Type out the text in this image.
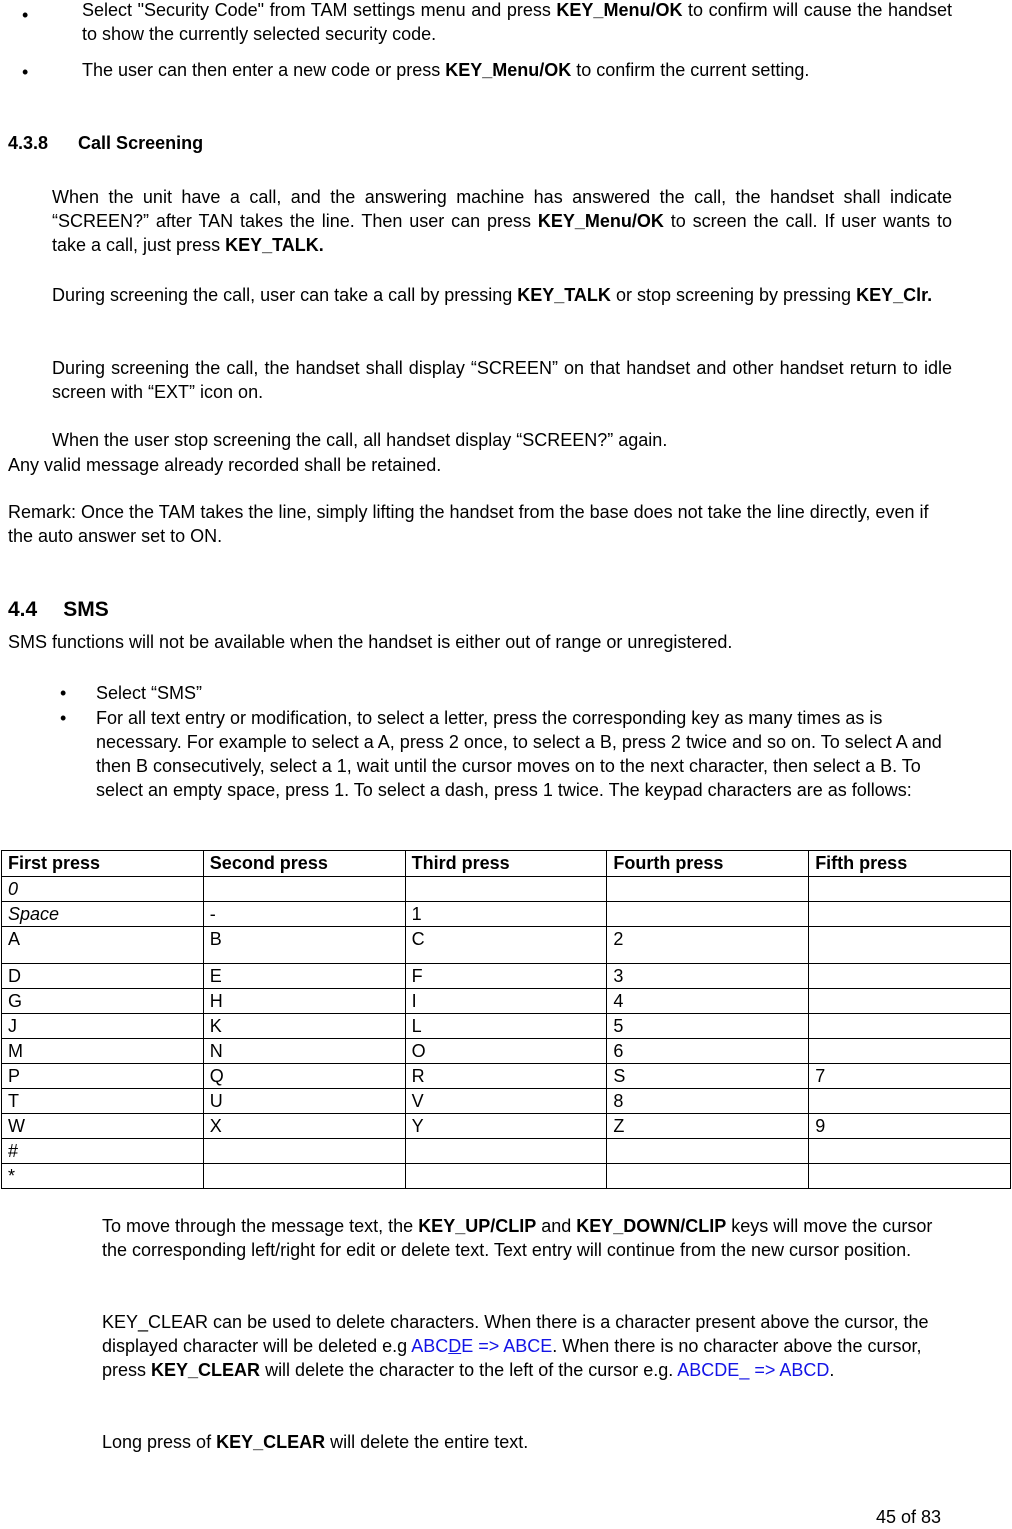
•	Select "Security Code" from TAM settings menu and press KEY_Menu/OK to confirm will cause the handset to show the currently selected security code.
•	The user can then enter a new code or press KEY_Menu/OK to confirm the current setting.
4.3.8 Call Screening
When the unit have a call, and the answering machine has answered the call, the handset shall indicate “SCREEN?” after TAN takes the line. Then user can press KEY_Menu/OK to screen the call. If user wants to take a call, just press KEY_TALK.
During screening the call, user can take a call by pressing KEY_TALK or stop screening by pressing KEY_Clr.
During screening the call, the handset shall display “SCREEN” on that handset and other handset return to idle screen with “EXT” icon on.
When the user stop screening the call, all handset display “SCREEN?” again.
Any valid message already recorded shall be retained.
Remark: Once the TAM takes the line, simply lifting the handset from the base does not take the line directly, even if the auto answer set to ON.
4.4 SMS
SMS functions will not be available when the handset is either out of range or unregistered.
• Select “SMS”
• For all text entry or modification, to select a letter, press the corresponding key as many times as is necessary. For example to select a A, press 2 once, to select a B, press 2 twice and so on. To select A and then B consecutively, select a 1, wait until the cursor moves on to the next character, then select a B. To select an empty space, press 1. To select a dash, press 1 twice. The keypad characters are as follows:
First press	Second press	Third press	Fourth press	Fifth press
0				
Space	-	1		
A	B	C	2	
D	E	F	3	
G	H	I	4	
J	K	L	5	
M	N	O	6	
P	Q	R	S	7
T	U	V	8	
W	X	Y	Z	9
#				
*				
To move through the message text, the KEY_UP/CLIP and KEY_DOWN/CLIP keys will move the cursor the corresponding left/right for edit or delete text. Text entry will continue from the new cursor position.
KEY_CLEAR can be used to delete characters. When there is a character present above the cursor, the displayed character will be deleted e.g ABCDE => ABCE. When there is no character above the cursor, press KEY_CLEAR will delete the character to the left of the cursor e.g. ABCDE_ => ABCD.
Long press of KEY_CLEAR will delete the entire text.
45 of 83
